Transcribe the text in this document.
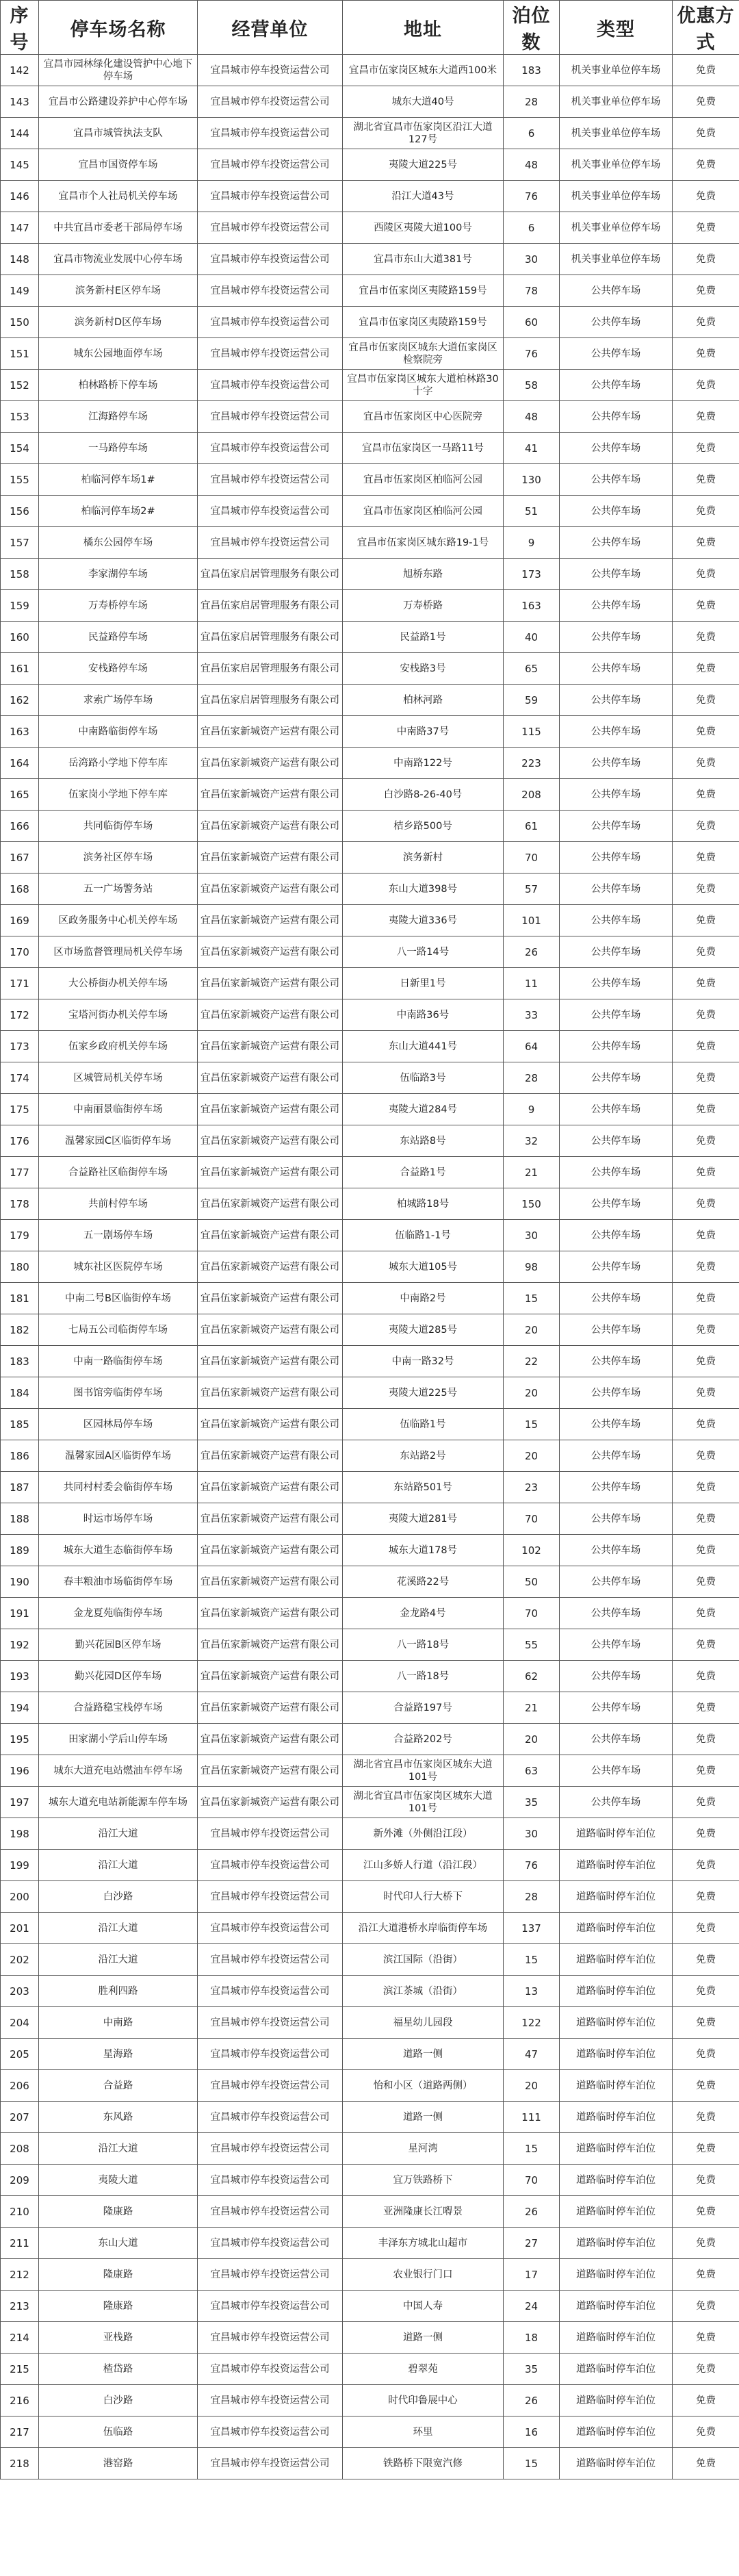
序号	停车场名称	经营单位	地址	泊位数	类型	优惠方式
142	宜昌市园林绿化建设管护中心地下停车场	宜昌城市停车投资运营公司	宜昌市伍家岗区城东大道西100米	183	机关事业单位停车场	免费
143	宜昌市公路建设养护中心停车场	宜昌城市停车投资运营公司	城东大道40号	28	机关事业单位停车场	免费
144	宜昌市城管执法支队	宜昌城市停车投资运营公司	湖北省宜昌市伍家岗区沿江大道127号	6	机关事业单位停车场	免费
145	宜昌市国资停车场	宜昌城市停车投资运营公司	夷陵大道225号	48	机关事业单位停车场	免费
146	宜昌市个人社局机关停车场	宜昌城市停车投资运营公司	沿江大道43号	76	机关事业单位停车场	免费
147	中共宜昌市委老干部局停车场	宜昌城市停车投资运营公司	西陵区夷陵大道100号	6	机关事业单位停车场	免费
148	宜昌市物流业发展中心停车场	宜昌城市停车投资运营公司	宜昌市东山大道381号	30	机关事业单位停车场	免费
149	滨务新村E区停车场	宜昌城市停车投资运营公司	宜昌市伍家岗区夷陵路159号	78	公共停车场	免费
150	滨务新村D区停车场	宜昌城市停车投资运营公司	宜昌市伍家岗区夷陵路159号	60	公共停车场	免费
151	城东公园地面停车场	宜昌城市停车投资运营公司	宜昌市伍家岗区城东大道伍家岗区检察院旁	76	公共停车场	免费
152	柏林路桥下停车场	宜昌城市停车投资运营公司	宜昌市伍家岗区城东大道柏林路30十字	58	公共停车场	免费
153	江海路停车场	宜昌城市停车投资运营公司	宜昌市伍家岗区中心医院旁	48	公共停车场	免费
154	一马路停车场	宜昌城市停车投资运营公司	宜昌市伍家岗区一马路11号	41	公共停车场	免费
155	柏临河停车场1#	宜昌城市停车投资运营公司	宜昌市伍家岗区柏临河公园	130	公共停车场	免费
156	柏临河停车场2#	宜昌城市停车投资运营公司	宜昌市伍家岗区柏临河公园	51	公共停车场	免费
157	橘东公园停车场	宜昌城市停车投资运营公司	宜昌市伍家岗区城东路19-1号	9	公共停车场	免费
158	李家湖停车场	宜昌伍家启居管理服务有限公司	旭桥东路	173	公共停车场	免费
159	万寿桥停车场	宜昌伍家启居管理服务有限公司	万寿桥路	163	公共停车场	免费
160	民益路停车场	宜昌伍家启居管理服务有限公司	民益路1号	40	公共停车场	免费
161	安栈路停车场	宜昌伍家启居管理服务有限公司	安栈路3号	65	公共停车场	免费
162	求索广场停车场	宜昌伍家启居管理服务有限公司	柏林河路	59	公共停车场	免费
163	中南路临街停车场	宜昌伍家新城资产运营有限公司	中南路37号	115	公共停车场	免费
164	岳湾路小学地下停车库	宜昌伍家新城资产运营有限公司	中南路122号	223	公共停车场	免费
165	伍家岗小学地下停车库	宜昌伍家新城资产运营有限公司	白沙路8-26-40号	208	公共停车场	免费
166	共同临街停车场	宜昌伍家新城资产运营有限公司	桔乡路500号	61	公共停车场	免费
167	滨务社区停车场	宜昌伍家新城资产运营有限公司	滨务新村	70	公共停车场	免费
168	五一广场警务站	宜昌伍家新城资产运营有限公司	东山大道398号	57	公共停车场	免费
169	区政务服务中心机关停车场	宜昌伍家新城资产运营有限公司	夷陵大道336号	101	公共停车场	免费
170	区市场监督管理局机关停车场	宜昌伍家新城资产运营有限公司	八一路14号	26	公共停车场	免费
171	大公桥街办机关停车场	宜昌伍家新城资产运营有限公司	日新里1号	11	公共停车场	免费
172	宝塔河街办机关停车场	宜昌伍家新城资产运营有限公司	中南路36号	33	公共停车场	免费
173	伍家乡政府机关停车场	宜昌伍家新城资产运营有限公司	东山大道441号	64	公共停车场	免费
174	区城管局机关停车场	宜昌伍家新城资产运营有限公司	伍临路3号	28	公共停车场	免费
175	中南丽景临街停车场	宜昌伍家新城资产运营有限公司	夷陵大道284号	9	公共停车场	免费
176	温馨家园C区临街停车场	宜昌伍家新城资产运营有限公司	东站路8号	32	公共停车场	免费
177	合益路社区临街停车场	宜昌伍家新城资产运营有限公司	合益路1号	21	公共停车场	免费
178	共前村停车场	宜昌伍家新城资产运营有限公司	柏城路18号	150	公共停车场	免费
179	五一剧场停车场	宜昌伍家新城资产运营有限公司	伍临路1-1号	30	公共停车场	免费
180	城东社区医院停车场	宜昌伍家新城资产运营有限公司	城东大道105号	98	公共停车场	免费
181	中南二号B区临街停车场	宜昌伍家新城资产运营有限公司	中南路2号	15	公共停车场	免费
182	七局五公司临街停车场	宜昌伍家新城资产运营有限公司	夷陵大道285号	20	公共停车场	免费
183	中南一路临街停车场	宜昌伍家新城资产运营有限公司	中南一路32号	22	公共停车场	免费
184	图书馆旁临街停车场	宜昌伍家新城资产运营有限公司	夷陵大道225号	20	公共停车场	免费
185	区园林局停车场	宜昌伍家新城资产运营有限公司	伍临路1号	15	公共停车场	免费
186	温馨家园A区临街停车场	宜昌伍家新城资产运营有限公司	东站路2号	20	公共停车场	免费
187	共同村村委会临街停车场	宜昌伍家新城资产运营有限公司	东站路501号	23	公共停车场	免费
188	时运市场停车场	宜昌伍家新城资产运营有限公司	夷陵大道281号	70	公共停车场	免费
189	城东大道生态临街停车场	宜昌伍家新城资产运营有限公司	城东大道178号	102	公共停车场	免费
190	春丰粮油市场临街停车场	宜昌伍家新城资产运营有限公司	花溪路22号	50	公共停车场	免费
191	金龙夏苑临街停车场	宜昌伍家新城资产运营有限公司	金龙路4号	70	公共停车场	免费
192	勤兴花园B区停车场	宜昌伍家新城资产运营有限公司	八一路18号	55	公共停车场	免费
193	勤兴花园D区停车场	宜昌伍家新城资产运营有限公司	八一路18号	62	公共停车场	免费
194	合益路稳宝栈停车场	宜昌伍家新城资产运营有限公司	合益路197号	21	公共停车场	免费
195	田家湖小学后山停车场	宜昌伍家新城资产运营有限公司	合益路202号	20	公共停车场	免费
196	城东大道充电站燃油车停车场	宜昌伍家新城资产运营有限公司	湖北省宜昌市伍家岗区城东大道101号	63	公共停车场	免费
197	城东大道充电站新能源车停车场	宜昌伍家新城资产运营有限公司	湖北省宜昌市伍家岗区城东大道101号	35	公共停车场	免费
198	沿江大道	宜昌城市停车投资运营公司	新外滩（外侧沿江段）	30	道路临时停车泊位	免费
199	沿江大道	宜昌城市停车投资运营公司	江山多娇人行道（沿江段）	76	道路临时停车泊位	免费
200	白沙路	宜昌城市停车投资运营公司	时代印人行大桥下	28	道路临时停车泊位	免费
201	沿江大道	宜昌城市停车投资运营公司	沿江大道港桥水岸临街停车场	137	道路临时停车泊位	免费
202	沿江大道	宜昌城市停车投资运营公司	滨江国际（沿街）	15	道路临时停车泊位	免费
203	胜利四路	宜昌城市停车投资运营公司	滨江茶城（沿街）	13	道路临时停车泊位	免费
204	中南路	宜昌城市停车投资运营公司	福星幼儿园段	122	道路临时停车泊位	免费
205	星海路	宜昌城市停车投资运营公司	道路一侧	47	道路临时停车泊位	免费
206	合益路	宜昌城市停车投资运营公司	怡和小区（道路两侧）	20	道路临时停车泊位	免费
207	东风路	宜昌城市停车投资运营公司	道路一侧	111	道路临时停车泊位	免费
208	沿江大道	宜昌城市停车投资运营公司	星河湾	15	道路临时停车泊位	免费
209	夷陵大道	宜昌城市停车投资运营公司	宜万铁路桥下	70	道路临时停车泊位	免费
210	隆康路	宜昌城市停车投资运营公司	亚洲隆康长江嘚景	26	道路临时停车泊位	免费
211	东山大道	宜昌城市停车投资运营公司	丰泽东方城北山超市	27	道路临时停车泊位	免费
212	隆康路	宜昌城市停车投资运营公司	农业银行门口	17	道路临时停车泊位	免费
213	隆康路	宜昌城市停车投资运营公司	中国人寿	24	道路临时停车泊位	免费
214	亚栈路	宜昌城市停车投资运营公司	道路一侧	18	道路临时停车泊位	免费
215	楂岱路	宜昌城市停车投资运营公司	碧翠苑	35	道路临时停车泊位	免费
216	白沙路	宜昌城市停车投资运营公司	时代印鲁展中心	26	道路临时停车泊位	免费
217	伍临路	宜昌城市停车投资运营公司	环里	16	道路临时停车泊位	免费
218	港窑路	宜昌城市停车投资运营公司	铁路桥下限宽汽修	15	道路临时停车泊位	免费
